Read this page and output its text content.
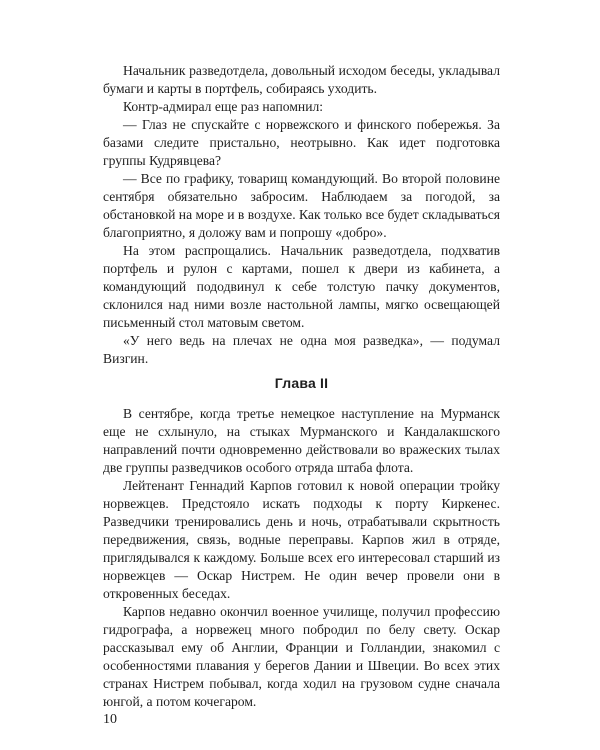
Начальник разведотдела, довольный исходом беседы, укладывал бумаги и карты в портфель, собираясь уходить.

Контр-адмирал еще раз напомнил:

— Глаз не спускайте с норвежского и финского побережья. За базами следите пристально, неотрывно. Как идет подготовка группы Кудрявцева?

— Все по графику, товарищ командующий. Во второй половине сентября обязательно забросим. Наблюдаем за погодой, за обстановкой на море и в воздухе. Как только все будет складываться благоприятно, я доложу вам и попрошу «добро».

На этом распрощались. Начальник разведотдела, подхватив портфель и рулон с картами, пошел к двери из кабинета, а командующий пододвинул к себе толстую пачку документов, склонился над ними возле настольной лампы, мягко освещающей письменный стол матовым светом.

«У него ведь на плечах не одна моя разведка», — подумал Визгин.

Глава II

В сентябре, когда третье немецкое наступление на Мурманск еще не схлынуло, на стыках Мурманского и Кандалакшского направлений почти одновременно действовали во вражеских тылах две группы разведчиков особого отряда штаба флота.

Лейтенант Геннадий Карпов готовил к новой операции тройку норвежцев. Предстояло искать подходы к порту Киркенес. Разведчики тренировались день и ночь, отрабатывали скрытность передвижения, связь, водные переправы. Карпов жил в отряде, приглядывался к каждому. Больше всех его интересовал старший из норвежцев — Оскар Нистрем. Не один вечер провели они в откровенных беседах.

Карпов недавно окончил военное училище, получил профессию гидрографа, а норвежец много побродил по белу свету. Оскар рассказывал ему об Англии, Франции и Голландии, знакомил с особенностями плавания у берегов Дании и Швеции. Во всех этих странах Нистрем побывал, когда ходил на грузовом судне сначала юнгой, а потом кочегаром.

10
